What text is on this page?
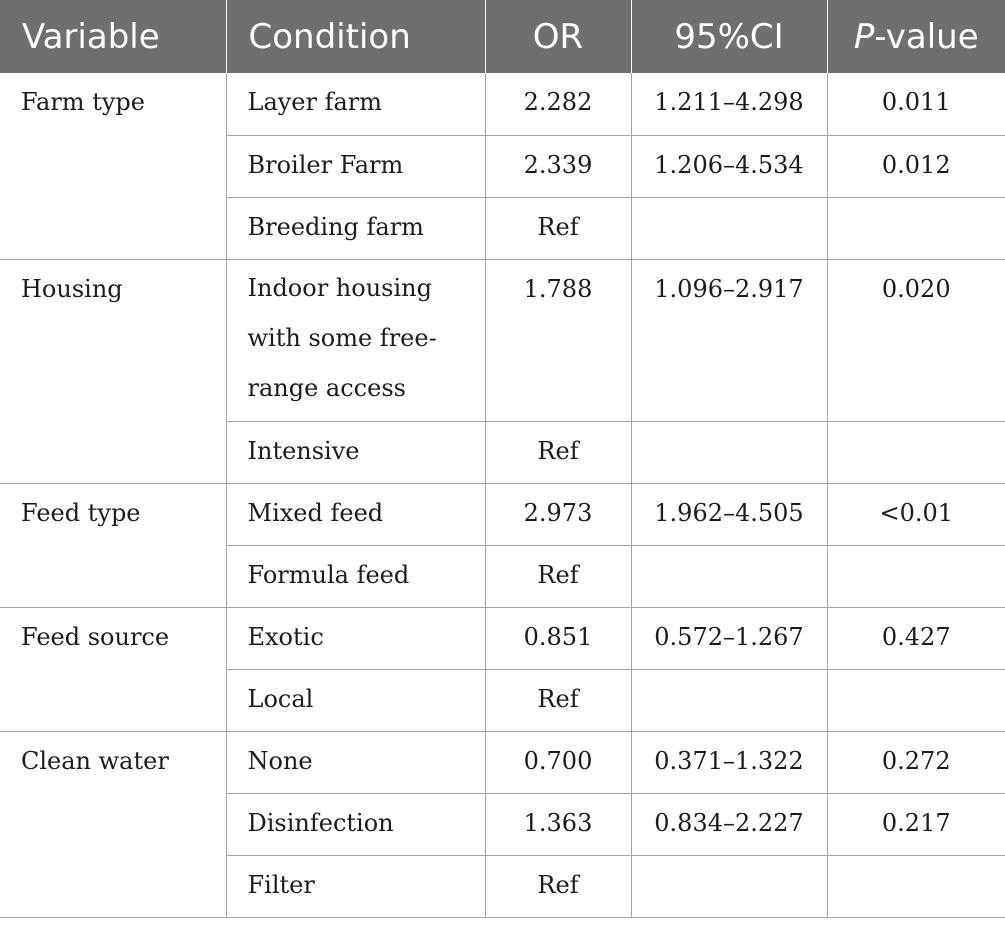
Variable	Condition	OR	95%CI	P-value
Farm type	Layer farm	2.282	1.211–4.298	0.011
	Broiler Farm	2.339	1.206–4.534	0.012
	Breeding farm	Ref		
Housing	Indoor housing
with some free-
range access	1.788	1.096–2.917	0.020
	Intensive	Ref		
Feed type	Mixed feed	2.973	1.962–4.505	<0.01
	Formula feed	Ref		
Feed source	Exotic	0.851	0.572–1.267	0.427
	Local	Ref		
Clean water	None	0.700	0.371–1.322	0.272
	Disinfection	1.363	0.834–2.227	0.217
	Filter	Ref		
